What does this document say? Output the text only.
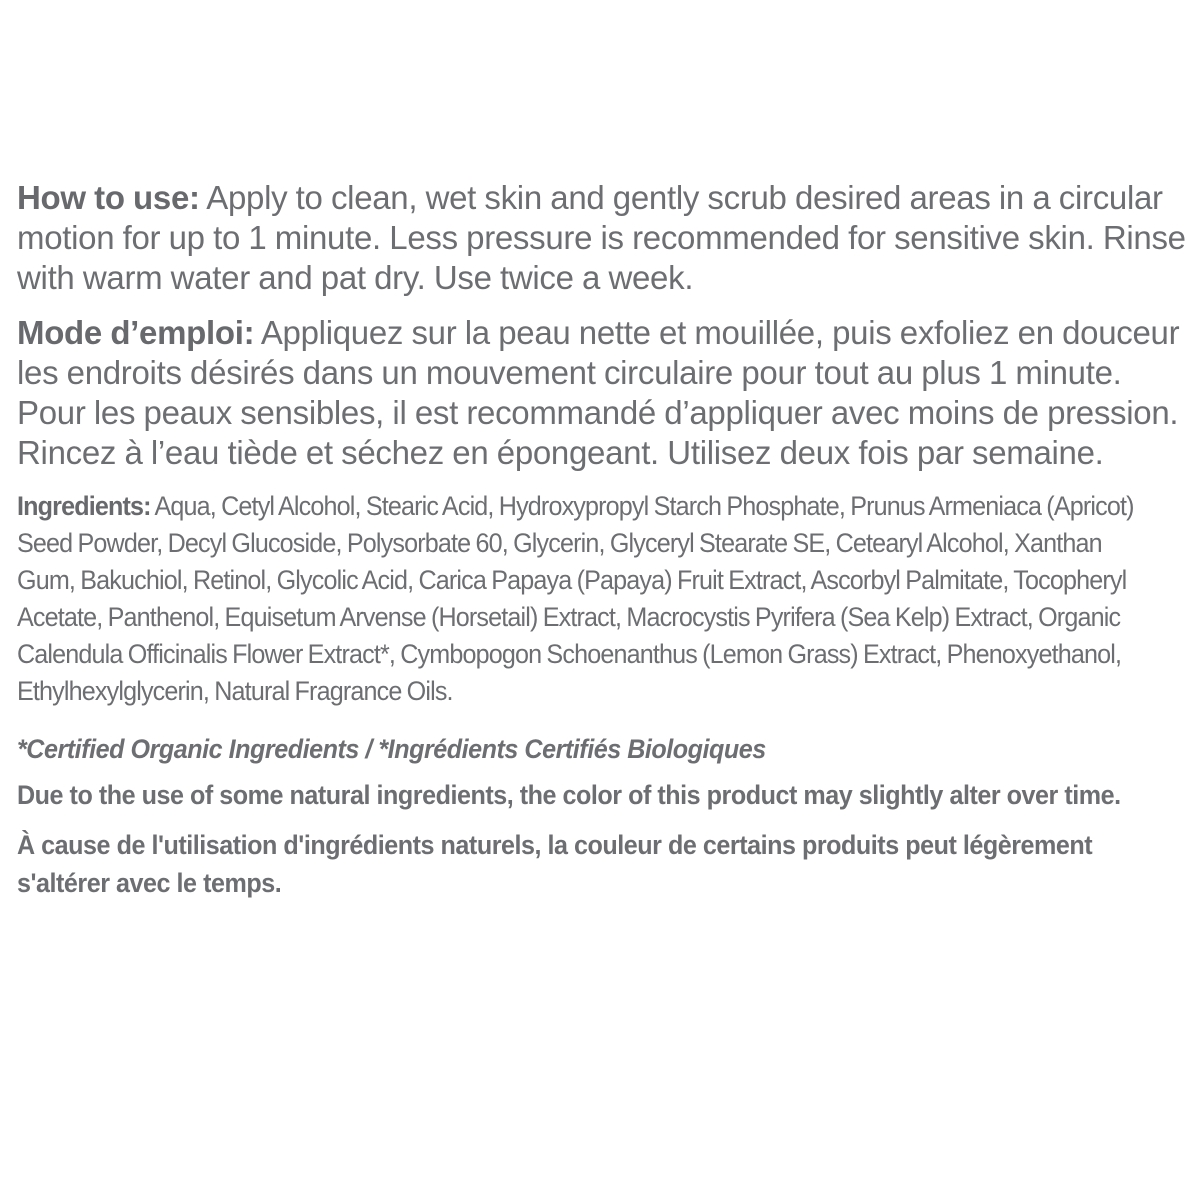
How to use: Apply to clean, wet skin and gently scrub desired areas in a circular motion for up to 1 minute. Less pressure is recommended for sensitive skin. Rinse with warm water and pat dry. Use twice a week.

Mode d’emploi: Appliquez sur la peau nette et mouillée, puis exfoliez en douceur les endroits désirés dans un mouvement circulaire pour tout au plus 1 minute. Pour les peaux sensibles, il est recommandé d’appliquer avec moins de pression. Rincez à l’eau tiède et séchez en épongeant. Utilisez deux fois par semaine.

Ingredients: Aqua, Cetyl Alcohol, Stearic Acid, Hydroxypropyl Starch Phosphate, Prunus Armeniaca (Apricot) Seed Powder, Decyl Glucoside, Polysorbate 60, Glycerin, Glyceryl Stearate SE, Cetearyl Alcohol, Xanthan Gum, Bakuchiol, Retinol, Glycolic Acid, Carica Papaya (Papaya) Fruit Extract, Ascorbyl Palmitate, Tocopheryl Acetate, Panthenol, Equisetum Arvense (Horsetail) Extract, Macrocystis Pyrifera (Sea Kelp) Extract, Organic Calendula Officinalis Flower Extract*, Cymbopogon Schoenanthus (Lemon Grass) Extract, Phenoxyethanol, Ethylhexylglycerin, Natural Fragrance Oils.

*Certified Organic Ingredients / *Ingrédients Certifiés Biologiques

Due to the use of some natural ingredients, the color of this product may slightly alter over time.

À cause de l'utilisation d'ingrédients naturels, la couleur de certains produits peut légèrement s'altérer avec le temps.
